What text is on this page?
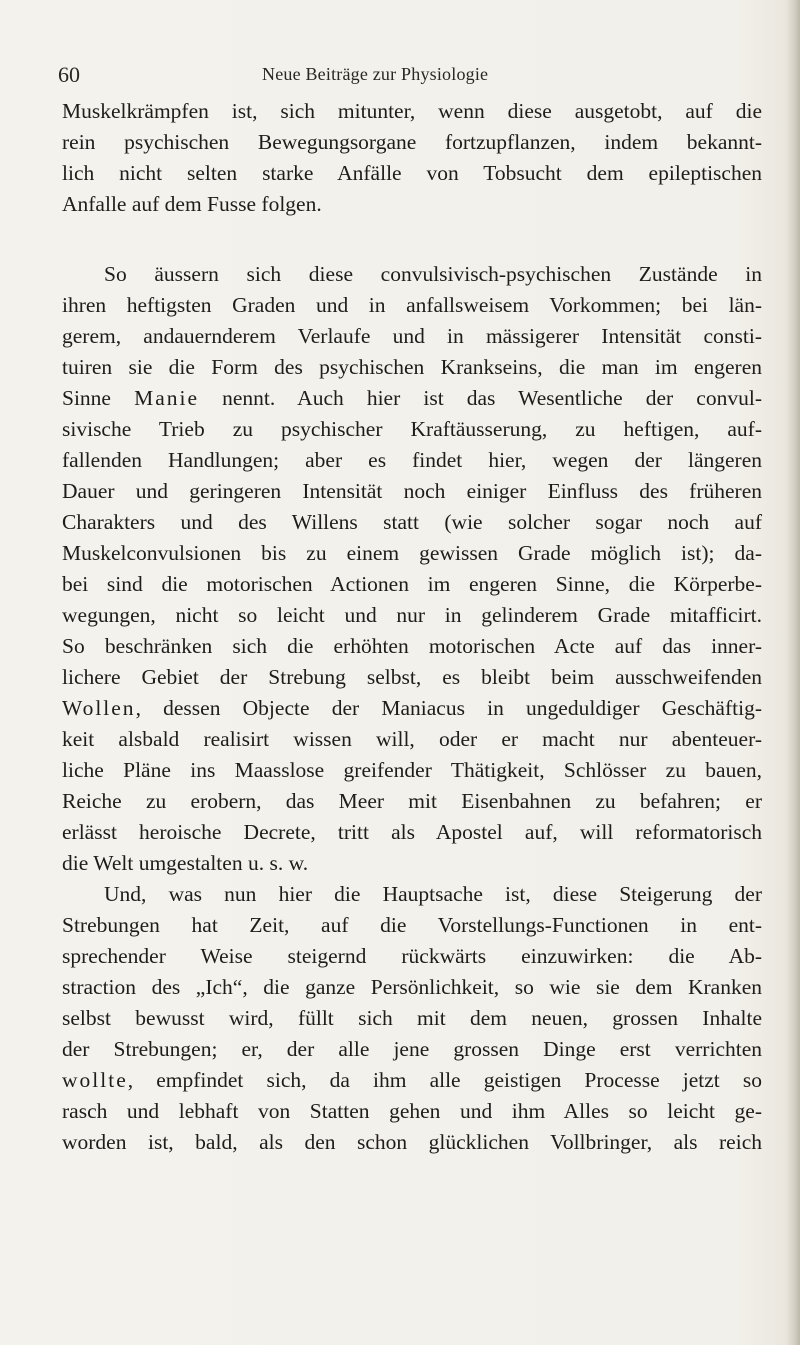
60	Neue Beiträge zur Physiologie
Muskelkrämpfen ist, sich mitunter, wenn diese ausgetobt, auf die
rein psychischen Bewegungsorgane fortzupflanzen, indem bekannt-
lich nicht selten starke Anfälle von Tobsucht dem epileptischen
Anfalle auf dem Fusse folgen.
So äussern sich diese convulsivisch-psychischen Zustände in
ihren heftigsten Graden und in anfallsweisem Vorkommen; bei län-
gerem, andauernderem Verlaufe und in mässigerer Intensität consti-
tuiren sie die Form des psychischen Krankseins, die man im engeren
Sinne Manie nennt. Auch hier ist das Wesentliche der convul-
sivische Trieb zu psychischer Kraftäusserung, zu heftigen, auf-
fallenden Handlungen; aber es findet hier, wegen der längeren
Dauer und geringeren Intensität noch einiger Einfluss des früheren
Charakters und des Willens statt (wie solcher sogar noch auf
Muskelconvulsionen bis zu einem gewissen Grade möglich ist); da-
bei sind die motorischen Actionen im engeren Sinne, die Körperbe-
wegungen, nicht so leicht und nur in gelinderem Grade mitafficirt.
So beschränken sich die erhöhten motorischen Acte auf das inner-
lichere Gebiet der Strebung selbst, es bleibt beim ausschweifenden
Wollen, dessen Objecte der Maniacus in ungeduldiger Geschäftig-
keit alsbald realisirt wissen will, oder er macht nur abenteuer-
liche Pläne ins Maasslose greifender Thätigkeit, Schlösser zu bauen,
Reiche zu erobern, das Meer mit Eisenbahnen zu befahren; er
erlässt heroische Decrete, tritt als Apostel auf, will reformatorisch
die Welt umgestalten u. s. w.
Und, was nun hier die Hauptsache ist, diese Steigerung der
Strebungen hat Zeit, auf die Vorstellungs-Functionen in ent-
sprechender Weise steigernd rückwärts einzuwirken: die Ab-
straction des „Ich“, die ganze Persönlichkeit, so wie sie dem Kranken
selbst bewusst wird, füllt sich mit dem neuen, grossen Inhalte
der Strebungen; er, der alle jene grossen Dinge erst verrichten
wollte, empfindet sich, da ihm alle geistigen Processe jetzt so
rasch und lebhaft von Statten gehen und ihm Alles so leicht ge-
worden ist, bald, als den schon glücklichen Vollbringer, als reich
